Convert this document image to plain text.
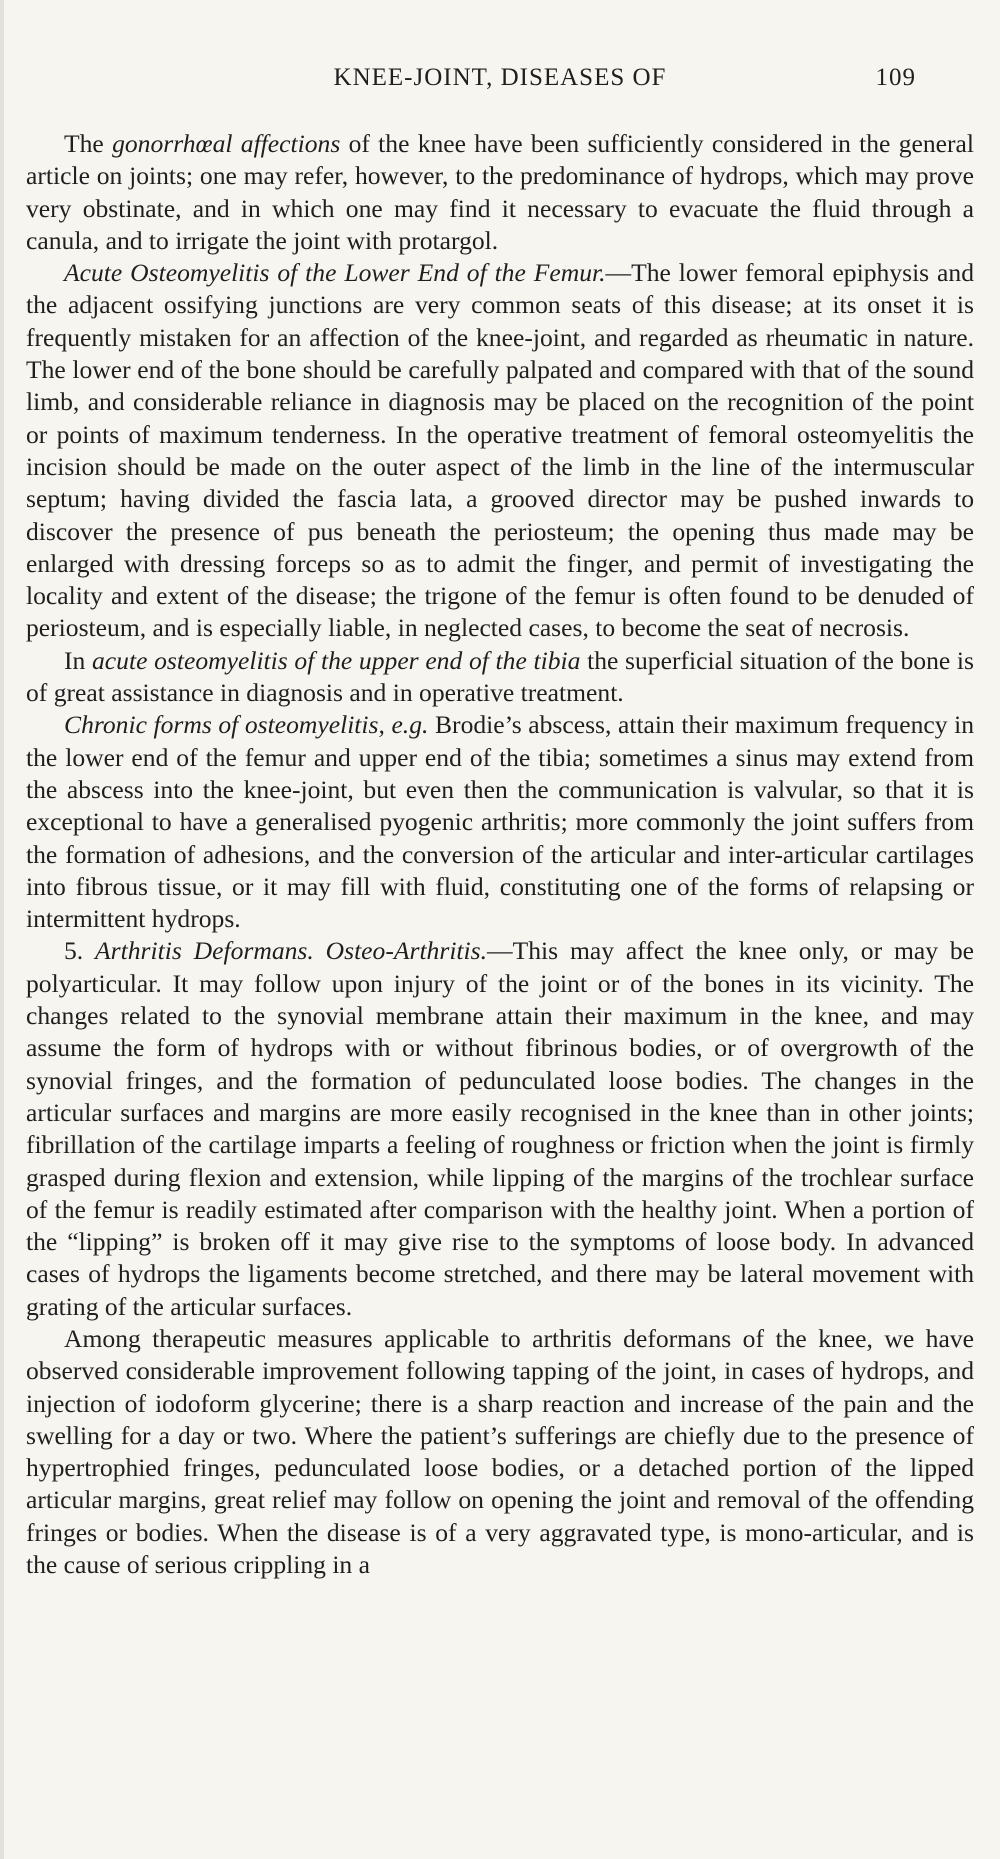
KNEE-JOINT, DISEASES OF	109

The gonorrhœal affections of the knee have been sufficiently considered in the general article on joints; one may refer, however, to the predominance of hydrops, which may prove very obstinate, and in which one may find it necessary to evacuate the fluid through a canula, and to irrigate the joint with protargol.

Acute Osteomyelitis of the Lower End of the Femur.—The lower femoral epiphysis and the adjacent ossifying junctions are very common seats of this disease; at its onset it is frequently mistaken for an affection of the knee-joint, and regarded as rheumatic in nature. The lower end of the bone should be carefully palpated and compared with that of the sound limb, and considerable reliance in diagnosis may be placed on the recognition of the point or points of maximum tenderness. In the operative treatment of femoral osteomyelitis the incision should be made on the outer aspect of the limb in the line of the intermuscular septum; having divided the fascia lata, a grooved director may be pushed inwards to discover the presence of pus beneath the periosteum; the opening thus made may be enlarged with dressing forceps so as to admit the finger, and permit of investigating the locality and extent of the disease; the trigone of the femur is often found to be denuded of periosteum, and is especially liable, in neglected cases, to become the seat of necrosis.

In acute osteomyelitis of the upper end of the tibia the superficial situation of the bone is of great assistance in diagnosis and in operative treatment.

Chronic forms of osteomyelitis, e.g. Brodie’s abscess, attain their maximum frequency in the lower end of the femur and upper end of the tibia; sometimes a sinus may extend from the abscess into the knee-joint, but even then the communication is valvular, so that it is exceptional to have a generalised pyogenic arthritis; more commonly the joint suffers from the formation of adhesions, and the conversion of the articular and inter-articular cartilages into fibrous tissue, or it may fill with fluid, constituting one of the forms of relapsing or intermittent hydrops.

5. Arthritis Deformans. Osteo-Arthritis.—This may affect the knee only, or may be polyarticular. It may follow upon injury of the joint or of the bones in its vicinity. The changes related to the synovial membrane attain their maximum in the knee, and may assume the form of hydrops with or without fibrinous bodies, or of overgrowth of the synovial fringes, and the formation of pedunculated loose bodies. The changes in the articular surfaces and margins are more easily recognised in the knee than in other joints; fibrillation of the cartilage imparts a feeling of roughness or friction when the joint is firmly grasped during flexion and extension, while lipping of the margins of the trochlear surface of the femur is readily estimated after comparison with the healthy joint. When a portion of the “lipping” is broken off it may give rise to the symptoms of loose body. In advanced cases of hydrops the ligaments become stretched, and there may be lateral movement with grating of the articular surfaces.

Among therapeutic measures applicable to arthritis deformans of the knee, we have observed considerable improvement following tapping of the joint, in cases of hydrops, and injection of iodoform glycerine; there is a sharp reaction and increase of the pain and the swelling for a day or two. Where the patient’s sufferings are chiefly due to the presence of hypertrophied fringes, pedunculated loose bodies, or a detached portion of the lipped articular margins, great relief may follow on opening the joint and removal of the offending fringes or bodies. When the disease is of a very aggravated type, is mono-articular, and is the cause of serious crippling in a
